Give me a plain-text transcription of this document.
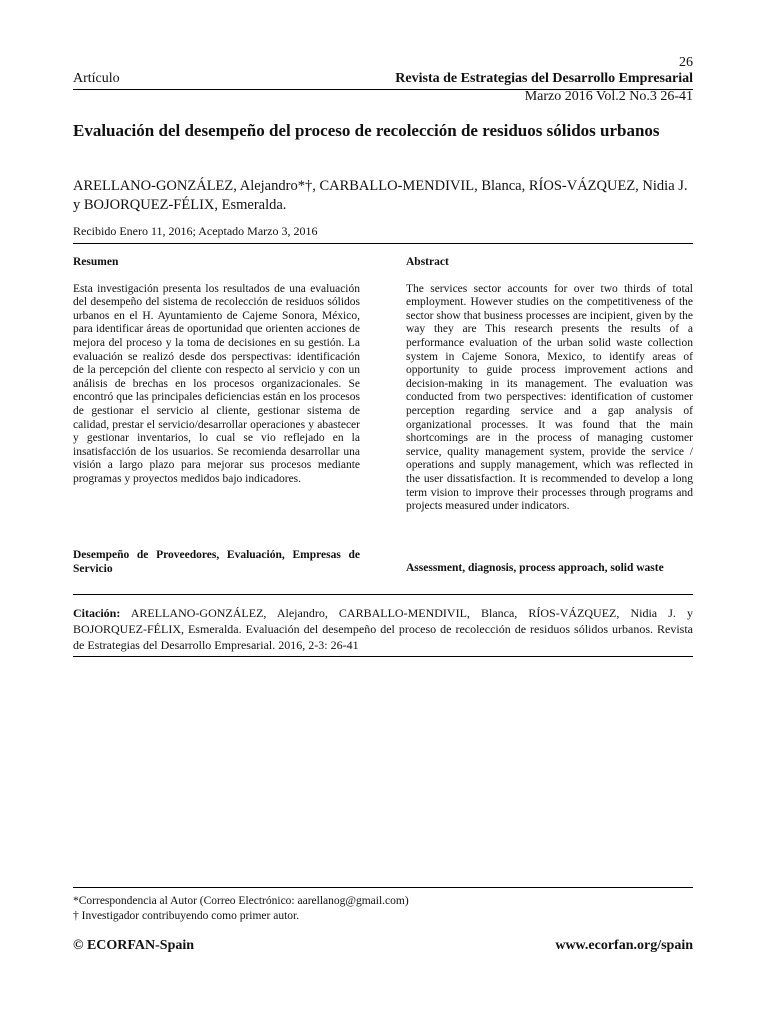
26
Artículo	Revista de Estrategias del Desarrollo Empresarial
Marzo 2016 Vol.2 No.3 26-41
Evaluación del desempeño del proceso de recolección de residuos sólidos urbanos
ARELLANO-GONZÁLEZ, Alejandro*†, CARBALLO-MENDIVIL, Blanca, RÍOS-VÁZQUEZ, Nidia J. y BOJORQUEZ-FÉLIX, Esmeralda.
Recibido Enero 11, 2016; Aceptado Marzo 3, 2016
Resumen

Esta investigación presenta los resultados de una evaluación del desempeño del sistema de recolección de residuos sólidos urbanos en el H. Ayuntamiento de Cajeme Sonora, México, para identificar áreas de oportunidad que orienten acciones de mejora del proceso y la toma de decisiones en su gestión. La evaluación se realizó desde dos perspectivas: identificación de la percepción del cliente con respecto al servicio y con un análisis de brechas en los procesos organizacionales. Se encontró que las principales deficiencias están en los procesos de gestionar el servicio al cliente, gestionar sistema de calidad, prestar el servicio/desarrollar operaciones y abastecer y gestionar inventarios, lo cual se vio reflejado en la insatisfacción de los usuarios. Se recomienda desarrollar una visión a largo plazo para mejorar sus procesos mediante programas y proyectos medidos bajo indicadores.

Abstract

The services sector accounts for over two thirds of total employment. However studies on the competitiveness of the sector show that business processes are incipient, given by the way they are This research presents the results of a performance evaluation of the urban solid waste collection system in Cajeme Sonora, Mexico, to identify areas of opportunity to guide process improvement actions and decision-making in its management. The evaluation was conducted from two perspectives: identification of customer perception regarding service and a gap analysis of organizational processes. It was found that the main shortcomings are in the process of managing customer service, quality management system, provide the service / operations and supply management, which was reflected in the user dissatisfaction. It is recommended to develop a long term vision to improve their processes through programs and projects measured under indicators.

Desempeño de Proveedores, Evaluación, Empresas de Servicio	Assessment, diagnosis, process approach, solid waste

Citación: ARELLANO-GONZÁLEZ, Alejandro, CARBALLO-MENDIVIL, Blanca, RÍOS-VÁZQUEZ, Nidia J. y BOJORQUEZ-FÉLIX, Esmeralda. Evaluación del desempeño del proceso de recolección de residuos sólidos urbanos. Revista de Estrategias del Desarrollo Empresarial. 2016, 2-3: 26-41
*Correspondencia al Autor (Correo Electrónico: aarellanog@gmail.com)
† Investigador contribuyendo como primer autor.
© ECORFAN-Spain	www.ecorfan.org/spain
